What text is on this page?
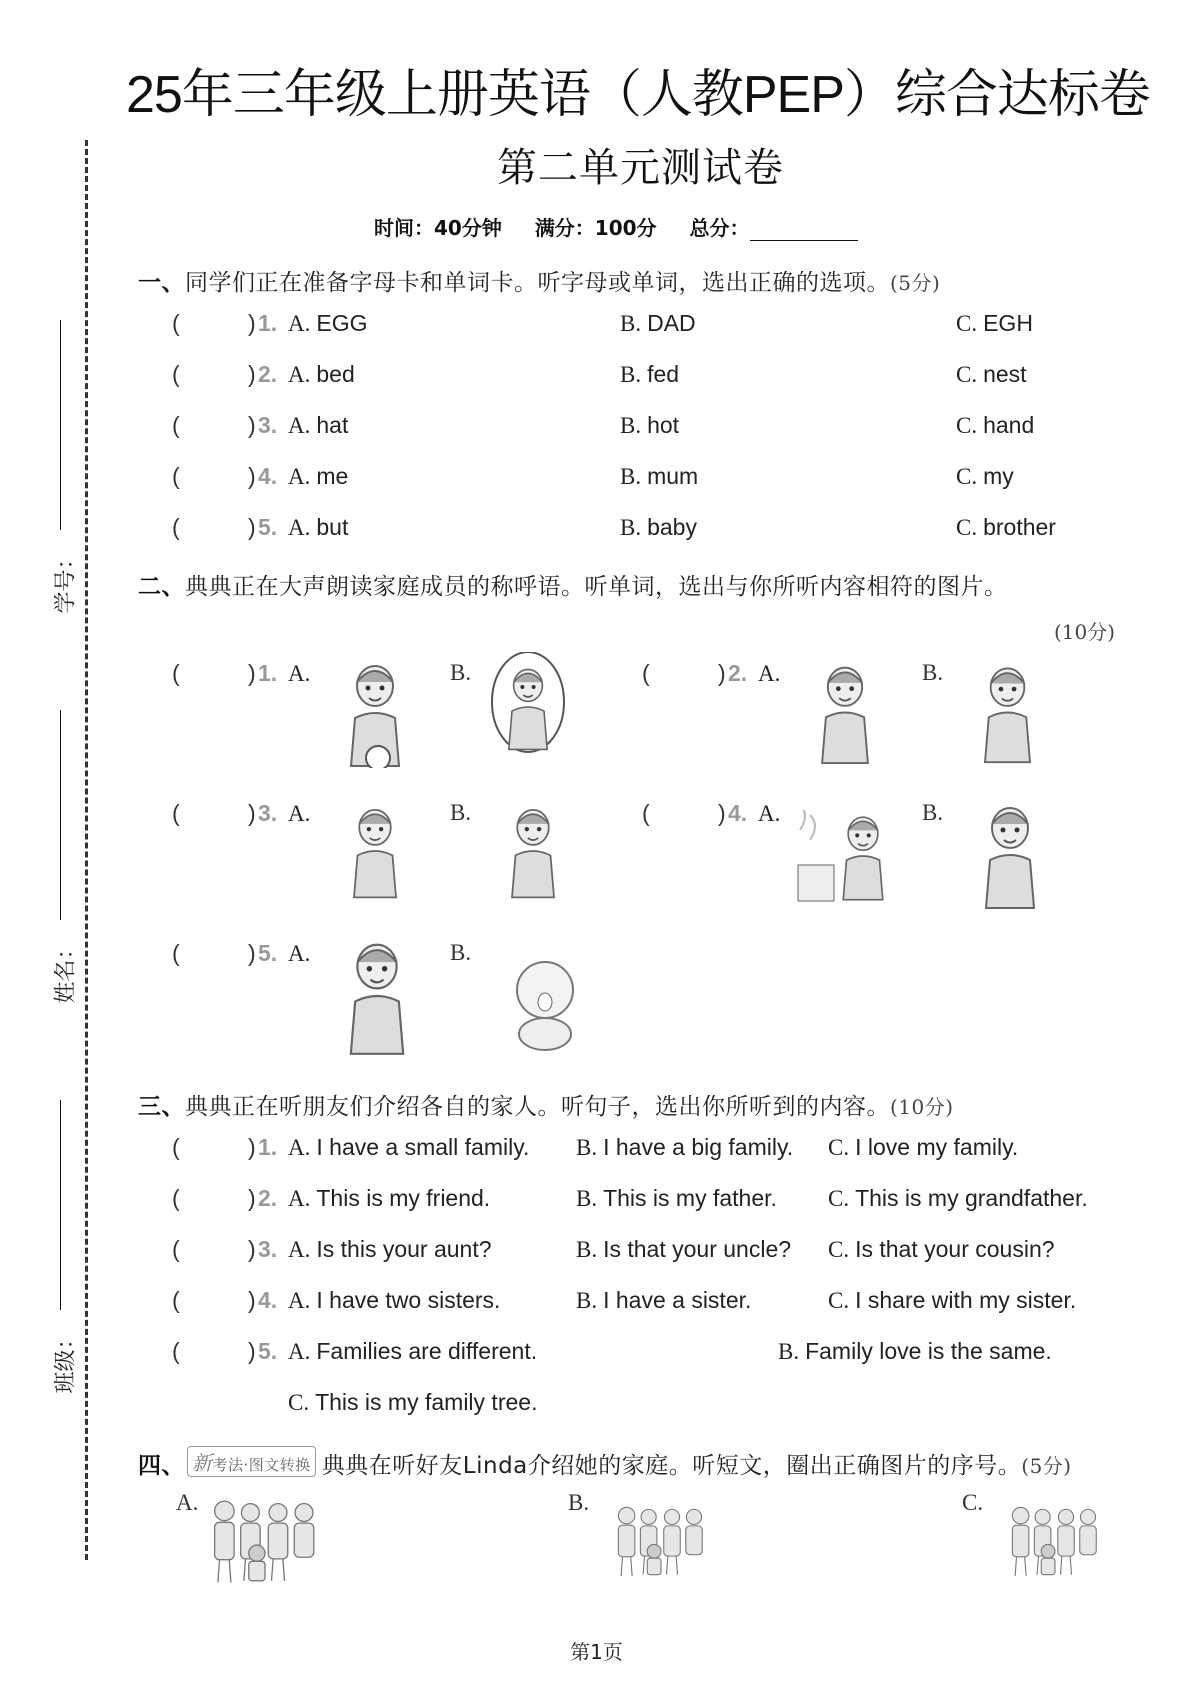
25年三年级上册英语（人教PEP）综合达标卷
第二单元测试卷
时间：40分钟 满分：100分 总分：
学号：
姓名：
班级：
一、同学们正在准备字母卡和单词卡。听字母或单词，选出正确的选项。(5分)
(	) 1. A. EGG	B. DAD	C. EGH
(	) 2. A. bed	B. fed	C. nest
(	) 3. A. hat	B. hot	C. hand
(	) 4. A. me	B. mum	C. my
(	) 5. A. but	B. baby	C. brother
二、典典正在大声朗读家庭成员的称呼语。听单词，选出与你所听内容相符的图片。
(10分)
(	) 1. A.	B.	(	) 2. A.	B.
(	) 3. A.	B.	(	) 4. A.	B.
(	) 5. A.	B.
三、典典正在听朋友们介绍各自的家人。听句子，选出你所听到的内容。(10分)
(	) 1. A. I have a small family. B. I have a big family. C. I love my family.
(	) 2. A. This is my friend.	B. This is my father. C. This is my grandfather.
(	) 3. A. Is this your aunt?	B. Is that your uncle? C. Is that your cousin?
(	) 4. A. I have two sisters.	B. I have a sister.	C. I share with my sister.
(	) 5. A. Families are different.	B. Family love is the same.
C. This is my family tree.
四、 新考法·图文转换 典典在听好友Linda介绍她的家庭。听短文，圈出正确图片的序号。(5分)
A.	B.	C.
第1页
